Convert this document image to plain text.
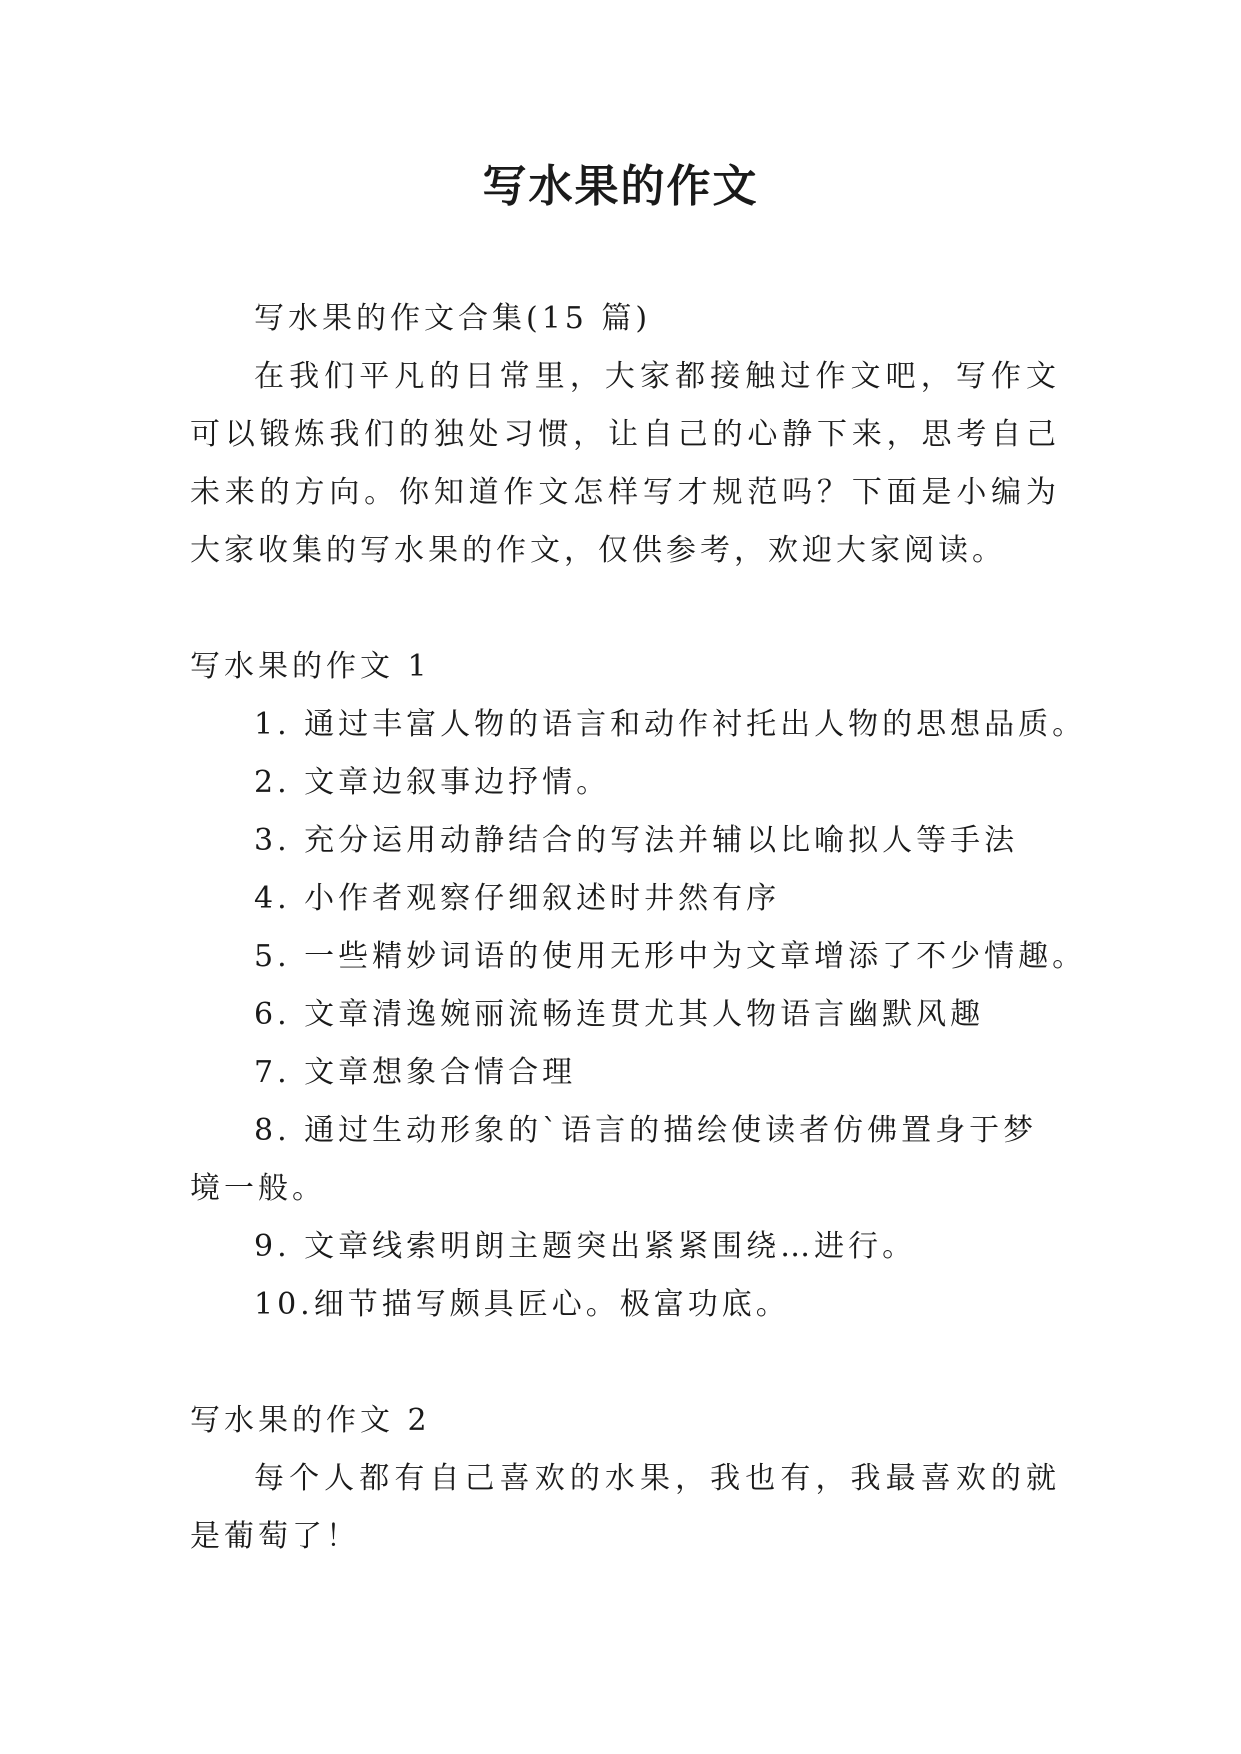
写水果的作文

写水果的作文合集(15 篇)

在我们平凡的日常里，大家都接触过作文吧，写作文可以锻炼我们的独处习惯，让自己的心静下来，思考自己未来的方向。你知道作文怎样写才规范吗？下面是小编为大家收集的写水果的作文，仅供参考，欢迎大家阅读。

写水果的作文 1

1. 通过丰富人物的语言和动作衬托出人物的思想品质。

2. 文章边叙事边抒情。

3. 充分运用动静结合的写法并辅以比喻拟人等手法

4. 小作者观察仔细叙述时井然有序

5. 一些精妙词语的使用无形中为文章增添了不少情趣。

6. 文章清逸婉丽流畅连贯尤其人物语言幽默风趣

7. 文章想象合情合理

8. 通过生动形象的`语言的描绘使读者仿佛置身于梦境一般。

9. 文章线索明朗主题突出紧紧围绕…进行。

10.细节描写颇具匠心。极富功底。

写水果的作文 2

每个人都有自己喜欢的水果，我也有，我最喜欢的就是葡萄了！
